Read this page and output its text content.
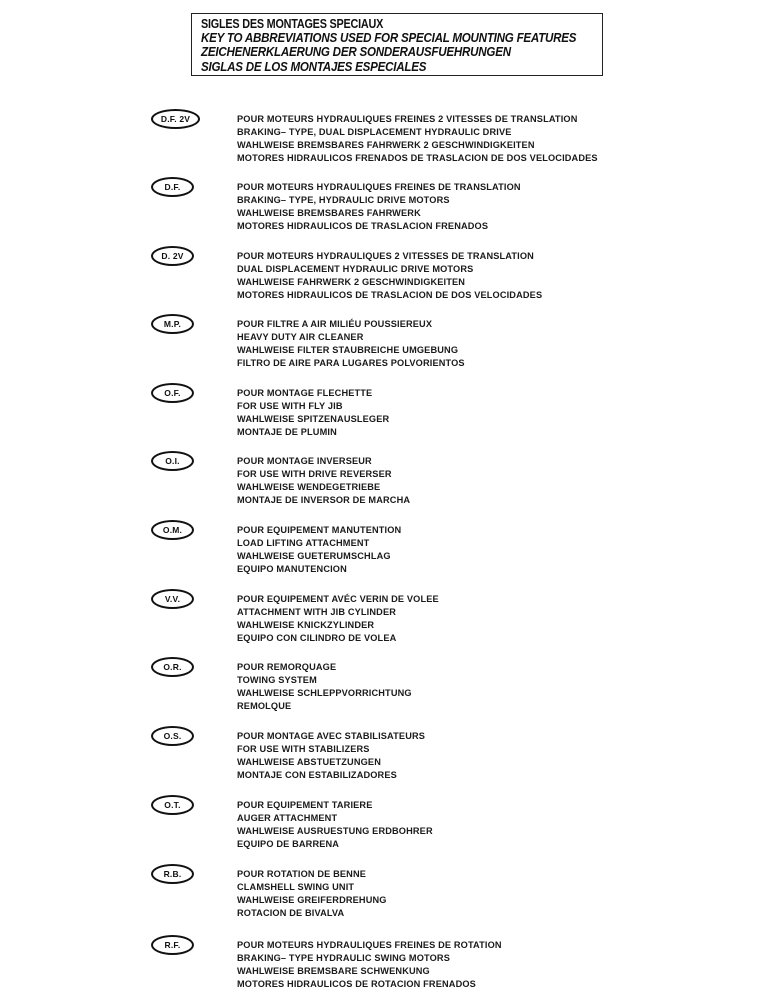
SIGLES DES MONTAGES SPECIAUX
KEY TO ABBREVIATIONS USED FOR SPECIAL MOUNTING FEATURES
ZEICHENERKLAERUNG DER SONDERAUSFUEHRUNGEN
SIGLAS DE LOS MONTAJES ESPECIALES
D.F. 2V	POUR MOTEURS HYDRAULIQUES FREINES 2 VITESSES DE TRANSLATION
BRAKING– TYPE, DUAL DISPLACEMENT HYDRAULIC DRIVE
WAHLWEISE BREMSBARES FAHRWERK 2 GESCHWINDIGKEITEN
MOTORES HIDRAULICOS FRENADOS DE TRASLACION DE DOS VELOCIDADES
D.F.	POUR MOTEURS HYDRAULIQUES FREINES DE TRANSLATION
BRAKING– TYPE, HYDRAULIC DRIVE MOTORS
WAHLWEISE BREMSBARES FAHRWERK
MOTORES HIDRAULICOS DE TRASLACION FRENADOS
D. 2V	POUR MOTEURS HYDRAULIQUES 2 VITESSES DE TRANSLATION
DUAL DISPLACEMENT HYDRAULIC DRIVE MOTORS
WAHLWEISE FAHRWERK 2 GESCHWINDIGKEITEN
MOTORES HIDRAULICOS DE TRASLACION DE DOS VELOCIDADES
M.P.	POUR FILTRE A AIR MILIÉU POUSSIEREUX
HEAVY DUTY AIR CLEANER
WAHLWEISE FILTER STAUBREICHE UMGEBUNG
FILTRO DE AIRE PARA LUGARES POLVORIENTOS
O.F.	POUR MONTAGE FLECHETTE
FOR USE WITH FLY JIB
WAHLWEISE SPITZENAUSLEGER
MONTAJE DE PLUMIN
O.I.	POUR MONTAGE INVERSEUR
FOR USE WITH DRIVE REVERSER
WAHLWEISE WENDEGETRIEBE
MONTAJE DE INVERSOR DE MARCHA
O.M.	POUR EQUIPEMENT MANUTENTION
LOAD LIFTING ATTACHMENT
WAHLWEISE GUETERUMSCHLAG
EQUIPO MANUTENCION
V.V.	POUR EQUIPEMENT AVÉC VERIN DE VOLEE
ATTACHMENT WITH JIB CYLINDER
WAHLWEISE KNICKZYLINDER
EQUIPO CON CILINDRO DE VOLEA
O.R.	POUR REMORQUAGE
TOWING SYSTEM
WAHLWEISE SCHLEPPVORRICHTUNG
REMOLQUE
O.S.	POUR MONTAGE AVEC STABILISATEURS
FOR USE WITH STABILIZERS
WAHLWEISE ABSTUETZUNGEN
MONTAJE CON ESTABILIZADORES
O.T.	POUR EQUIPEMENT TARIERE
AUGER ATTACHMENT
WAHLWEISE AUSRUESTUNG ERDBOHRER
EQUIPO DE BARRENA
R.B.	POUR ROTATION DE BENNE
CLAMSHELL SWING UNIT
WAHLWEISE GREIFERDREHUNG
ROTACION DE BIVALVA
R.F.	POUR MOTEURS HYDRAULIQUES FREINES DE ROTATION
BRAKING– TYPE HYDRAULIC SWING MOTORS
WAHLWEISE BREMSBARE SCHWENKUNG
MOTORES HIDRAULICOS DE ROTACION FRENADOS
